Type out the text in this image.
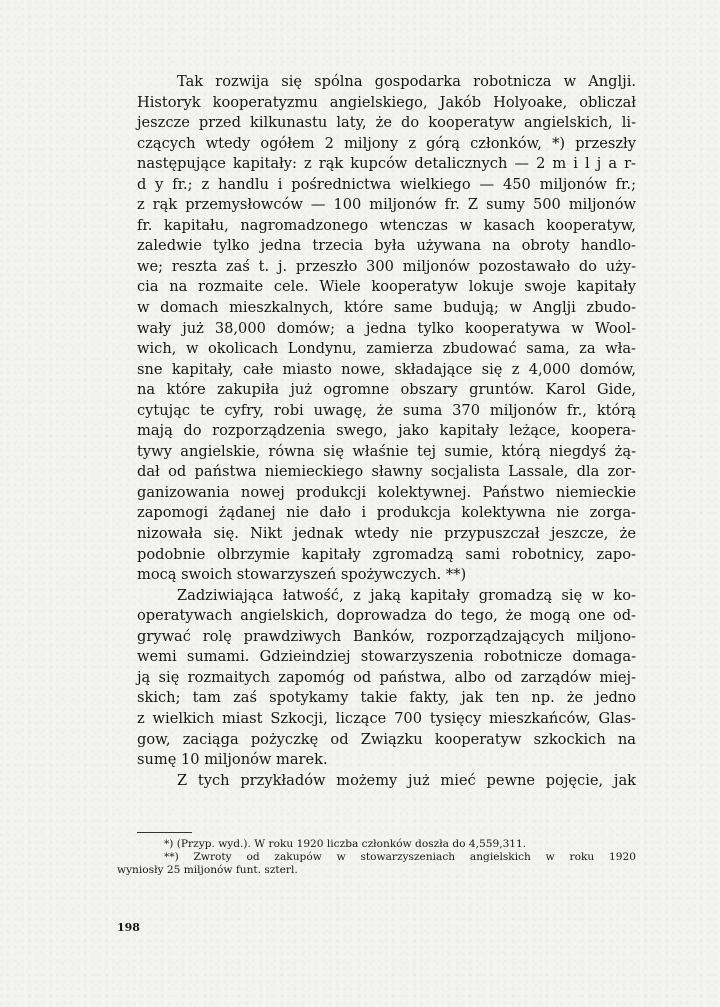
Tak rozwija się spólna gospodarka robotnicza w Anglji.
Historyk kooperatyzmu angielskiego, Jakób Holyoake, obliczał
jeszcze przed kilkunastu laty, że do kooperatyw angielskich, li-
czących wtedy ogółem 2 miljony z górą członków, *) przeszły
następujące kapitały: z rąk kupców detalicznych — 2 m i l j a r-
d y fr.; z handlu i pośrednictwa wielkiego — 450 miljonów fr.;
z rąk przemysłowców — 100 miljonów fr. Z sumy 500 miljonów
fr. kapitału, nagromadzonego wtenczas w kasach kooperatyw,
zaledwie tylko jedna trzecia była używana na obroty handlo-
we; reszta zaś t. j. przeszło 300 miljonów pozostawało do uży-
cia na rozmaite cele. Wiele kooperatyw lokuje swoje kapitały
w domach mieszkalnych, które same budują; w Anglji zbudo-
wały już 38,000 domów; a jedna tylko kooperatywa w Wool-
wich, w okolicach Londynu, zamierza zbudować sama, za wła-
sne kapitały, całe miasto nowe, składające się z 4,000 domów,
na które zakupiła już ogromne obszary gruntów. Karol Gide,
cytując te cyfry, robi uwagę, że suma 370 miljonów fr., którą
mają do rozporządzenia swego, jako kapitały leżące, koopera-
tywy angielskie, równa się właśnie tej sumie, którą niegdyś żą-
dał od państwa niemieckiego sławny socjalista Lassale, dla zor-
ganizowania nowej produkcji kolektywnej. Państwo niemieckie
zapomogi żądanej nie dało i produkcja kolektywna nie zorga-
nizowała się. Nikt jednak wtedy nie przypuszczał jeszcze, że
podobnie olbrzymie kapitały zgromadzą sami robotnicy, zapo-
mocą swoich stowarzyszeń spożywczych. **)
Zadziwiająca łatwość, z jaką kapitały gromadzą się w ko-
operatywach angielskich, doprowadza do tego, że mogą one od-
grywać rolę prawdziwych Banków, rozporządzających miljono-
wemi sumami. Gdzieindziej stowarzyszenia robotnicze domaga-
ją się rozmaitych zapomóg od państwa, albo od zarządów miej-
skich; tam zaś spotykamy takie fakty, jak ten np. że jedno
z wielkich miast Szkocji, liczące 700 tysięcy mieszkańców, Glas-
gow, zaciąga pożyczkę od Związku kooperatyw szkockich na
sumę 10 miljonów marek.
Z tych przykładów możemy już mieć pewne pojęcie, jak
*) (Przyp. wyd.). W roku 1920 liczba członków doszła do 4,559,311.
**) Zwroty od zakupów w stowarzyszeniach angielskich w roku 1920
wyniosły 25 miljonów funt. szterl.
198
